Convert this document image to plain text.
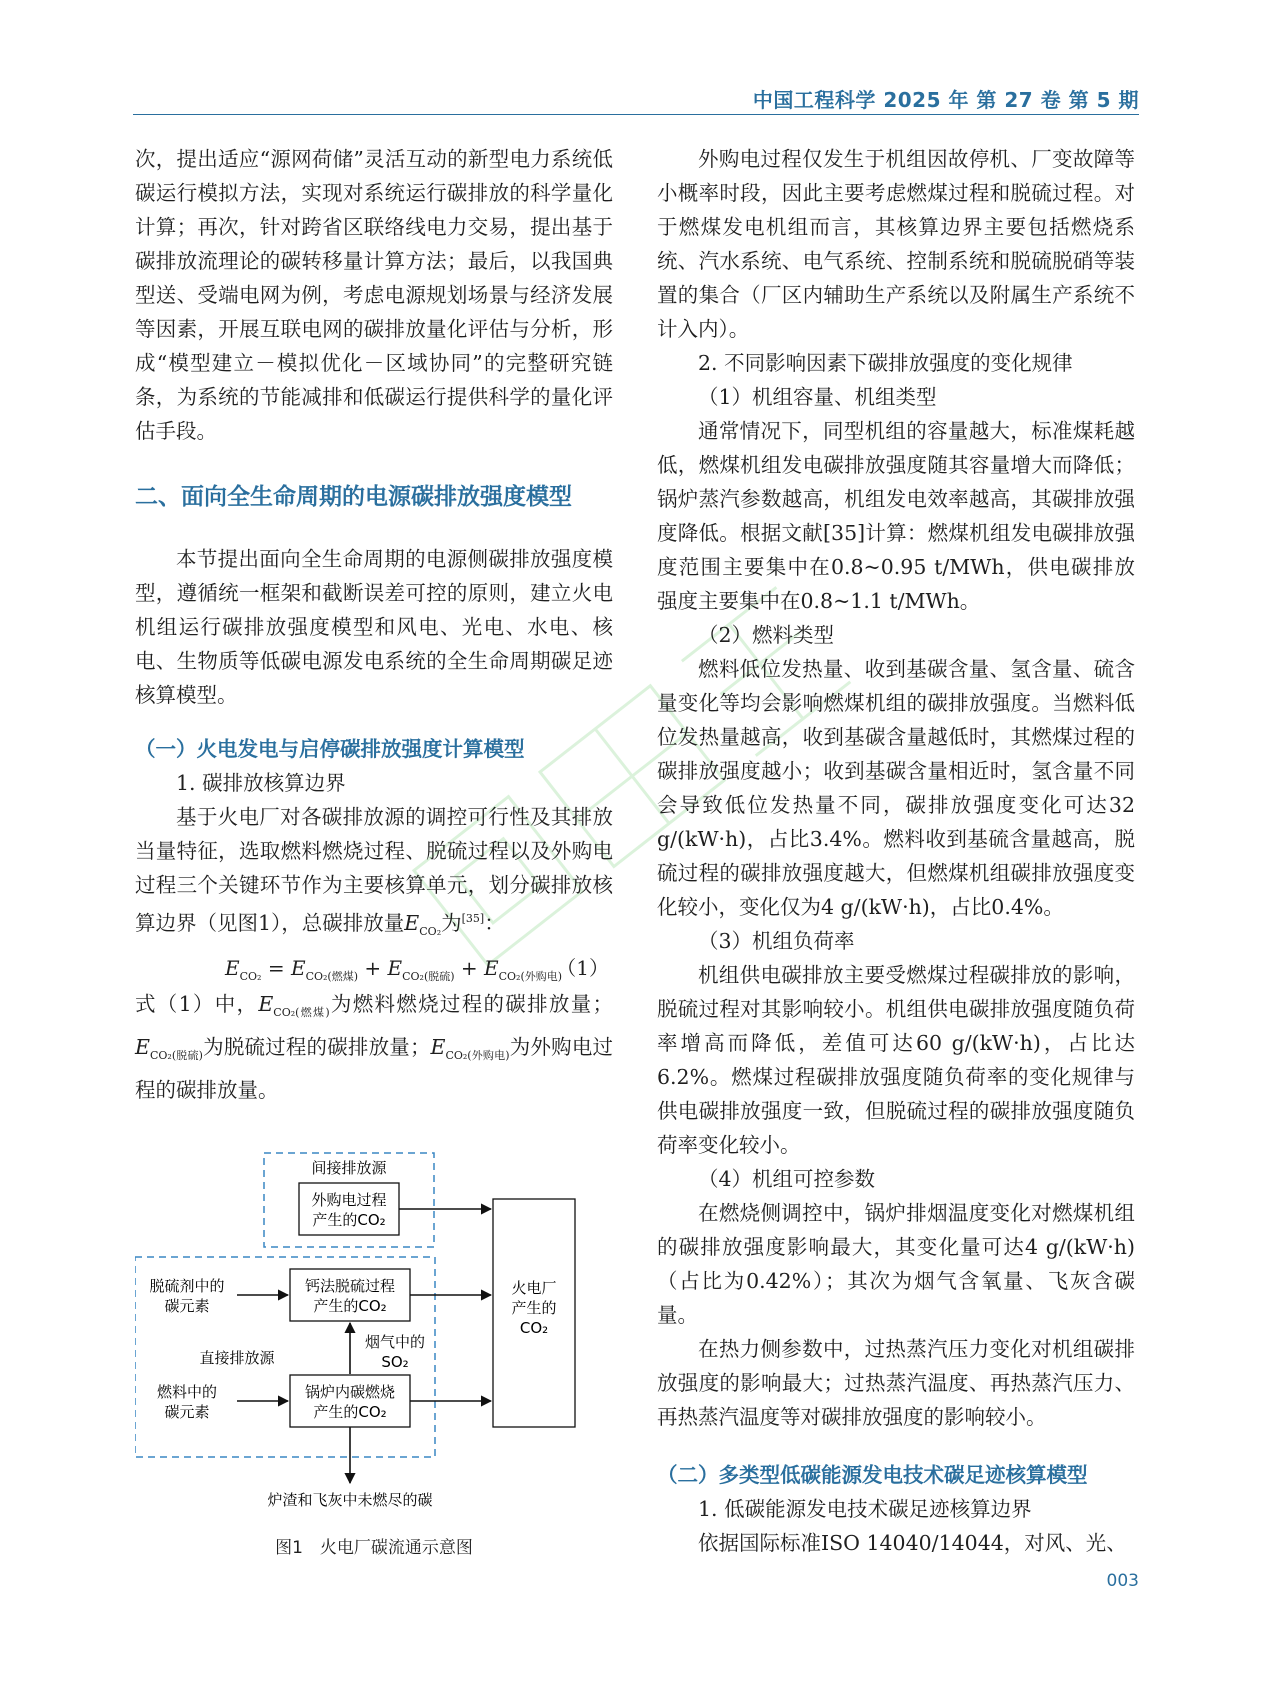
中国工程科学 2025 年 第 27 卷 第 5 期

次，提出适应“源网荷储”灵活互动的新型电力系统低碳运行模拟方法，实现对系统运行碳排放的科学量化计算；再次，针对跨省区联络线电力交易，提出基于碳排放流理论的碳转移量计算方法；最后，以我国典型送、受端电网为例，考虑电源规划场景与经济发展等因素，开展互联电网的碳排放量化评估与分析，形成“模型建立－模拟优化－区域协同”的完整研究链条，为系统的节能减排和低碳运行提供科学的量化评估手段。

二、面向全生命周期的电源碳排放强度模型

本节提出面向全生命周期的电源侧碳排放强度模型，遵循统一框架和截断误差可控的原则，建立火电机组运行碳排放强度模型和风电、光电、水电、核电、生物质等低碳电源发电系统的全生命周期碳足迹核算模型。

（一）火电发电与启停碳排放强度计算模型

1. 碳排放核算边界

基于火电厂对各碳排放源的调控可行性及其排放当量特征，选取燃料燃烧过程、脱硫过程以及外购电过程三个关键环节作为主要核算单元，划分碳排放核算边界（见图1），总碳排放量$E_{CO_2}$为[35]：

$E_{CO_2} = E_{CO_2(燃煤)} + E_{CO_2(脱硫)} + E_{CO_2(外购电)}$
（1）

式（1）中，$E_{CO_2(燃煤)}$为燃料燃烧过程的碳排放量；$E_{CO_2(脱硫)}$为脱硫过程的碳排放量；$E_{CO_2(外购电)}$为外购电过程的碳排放量。

间接排放源
外购电过程
产生的CO₂
直接排放源
钙法脱硫过程
产生的CO₂
锅炉内碳燃烧
产生的CO₂
火电厂
产生的
CO₂
脱硫剂中的
碳元素
燃料中的
碳元素
烟气中的
SO₂
炉渣和飞灰中未燃尽的碳
图1　火电厂碳流通示意图

外购电过程仅发生于机组因故停机、厂变故障等小概率时段，因此主要考虑燃煤过程和脱硫过程。对于燃煤发电机组而言，其核算边界主要包括燃烧系统、汽水系统、电气系统、控制系统和脱硫脱硝等装置的集合（厂区内辅助生产系统以及附属生产系统不计入内）。

2. 不同影响因素下碳排放强度的变化规律

（1）机组容量、机组类型

通常情况下，同型机组的容量越大，标准煤耗越低，燃煤机组发电碳排放强度随其容量增大而降低；锅炉蒸汽参数越高，机组发电效率越高，其碳排放强度降低。根据文献[35]计算：燃煤机组发电碳排放强度范围主要集中在0.8~0.95 t/MWh，供电碳排放强度主要集中在0.8~1.1 t/MWh。

（2）燃料类型

燃料低位发热量、收到基碳含量、氢含量、硫含量变化等均会影响燃煤机组的碳排放强度。当燃料低位发热量越高，收到基碳含量越低时，其燃煤过程的碳排放强度越小；收到基碳含量相近时，氢含量不同会导致低位发热量不同，碳排放强度变化可达32 g/(kW·h)，占比3.4%。燃料收到基硫含量越高，脱硫过程的碳排放强度越大，但燃煤机组碳排放强度变化较小，变化仅为4 g/(kW·h)，占比0.4%。

（3）机组负荷率

机组供电碳排放主要受燃煤过程碳排放的影响，脱硫过程对其影响较小。机组供电碳排放强度随负荷率增高而降低，差值可达60 g/(kW·h)，占比达6.2%。燃煤过程碳排放强度随负荷率的变化规律与供电碳排放强度一致，但脱硫过程的碳排放强度随负荷率变化较小。

（4）机组可控参数

在燃烧侧调控中，锅炉排烟温度变化对燃煤机组的碳排放强度影响最大，其变化量可达4 g/(kW·h)（占比为0.42%）；其次为烟气含氧量、飞灰含碳量。

在热力侧参数中，过热蒸汽压力变化对机组碳排放强度的影响最大；过热蒸汽温度、再热蒸汽压力、再热蒸汽温度等对碳排放强度的影响较小。

（二）多类型低碳能源发电技术碳足迹核算模型

1. 低碳能源发电技术碳足迹核算边界

依据国际标准ISO 14040/14044，对风、光、

003
